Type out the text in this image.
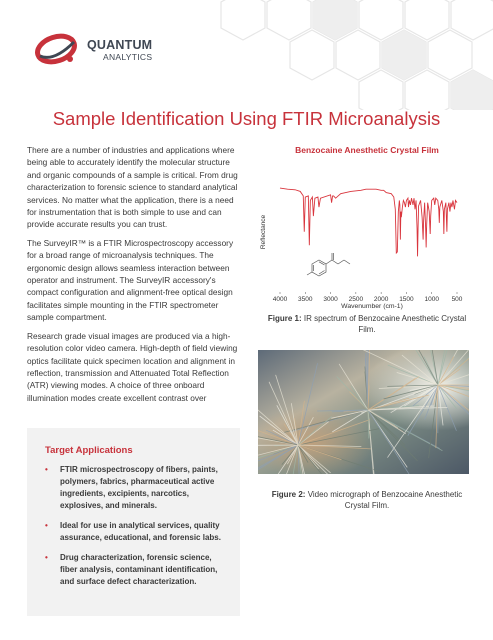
QUANTUM
ANALYTICS
Sample Identification Using FTIR Microanalysis

There are a number of industries and applications where being able to accurately identify the molecular structure and organic compounds of a sample is critical. From drug characterization to forensic science to standard analytical services. No matter what the application, there is a need for instrumentation that is both simple to use and can provide accurate results you can trust.

The SurveyIR™ is a FTIR Microspectroscopy accessory for a broad range of microanalysis techniques. The ergonomic design allows seamless interaction between operator and instrument. The SurveyIR accessory's compact configuration and alignment-free optical design facilitates simple mounting in the FTIR spectrometer sample compartment.

Research grade visual images are produced via a high-resolution color video camera. High-depth of field viewing optics facilitate quick specimen location and alignment in reflection, transmission and Attenuated Total Reflection (ATR) viewing modes. A choice of three onboard illumination modes create excellent contrast over

Target Applications
• FTIR microspectroscopy of fibers, paints, polymers, fabrics, pharmaceutical active ingredients, excipients, narcotics, explosives, and minerals.
• Ideal for use in analytical services, quality assurance, educational, and forensic labs.
• Drug characterization, forensic science, fiber analysis, contaminant identification, and surface defect characterization.
Benzocaine Anesthetic Crystal Film
Reflectance
4000 3500 3000 2500 2000 1500 1000 500
Wavenumber (cm-1)
Figure 1: IR spectrum of Benzocaine Anesthetic Crystal Film.
Figure 2: Video micrograph of Benzocaine Anesthetic Crystal Film.
